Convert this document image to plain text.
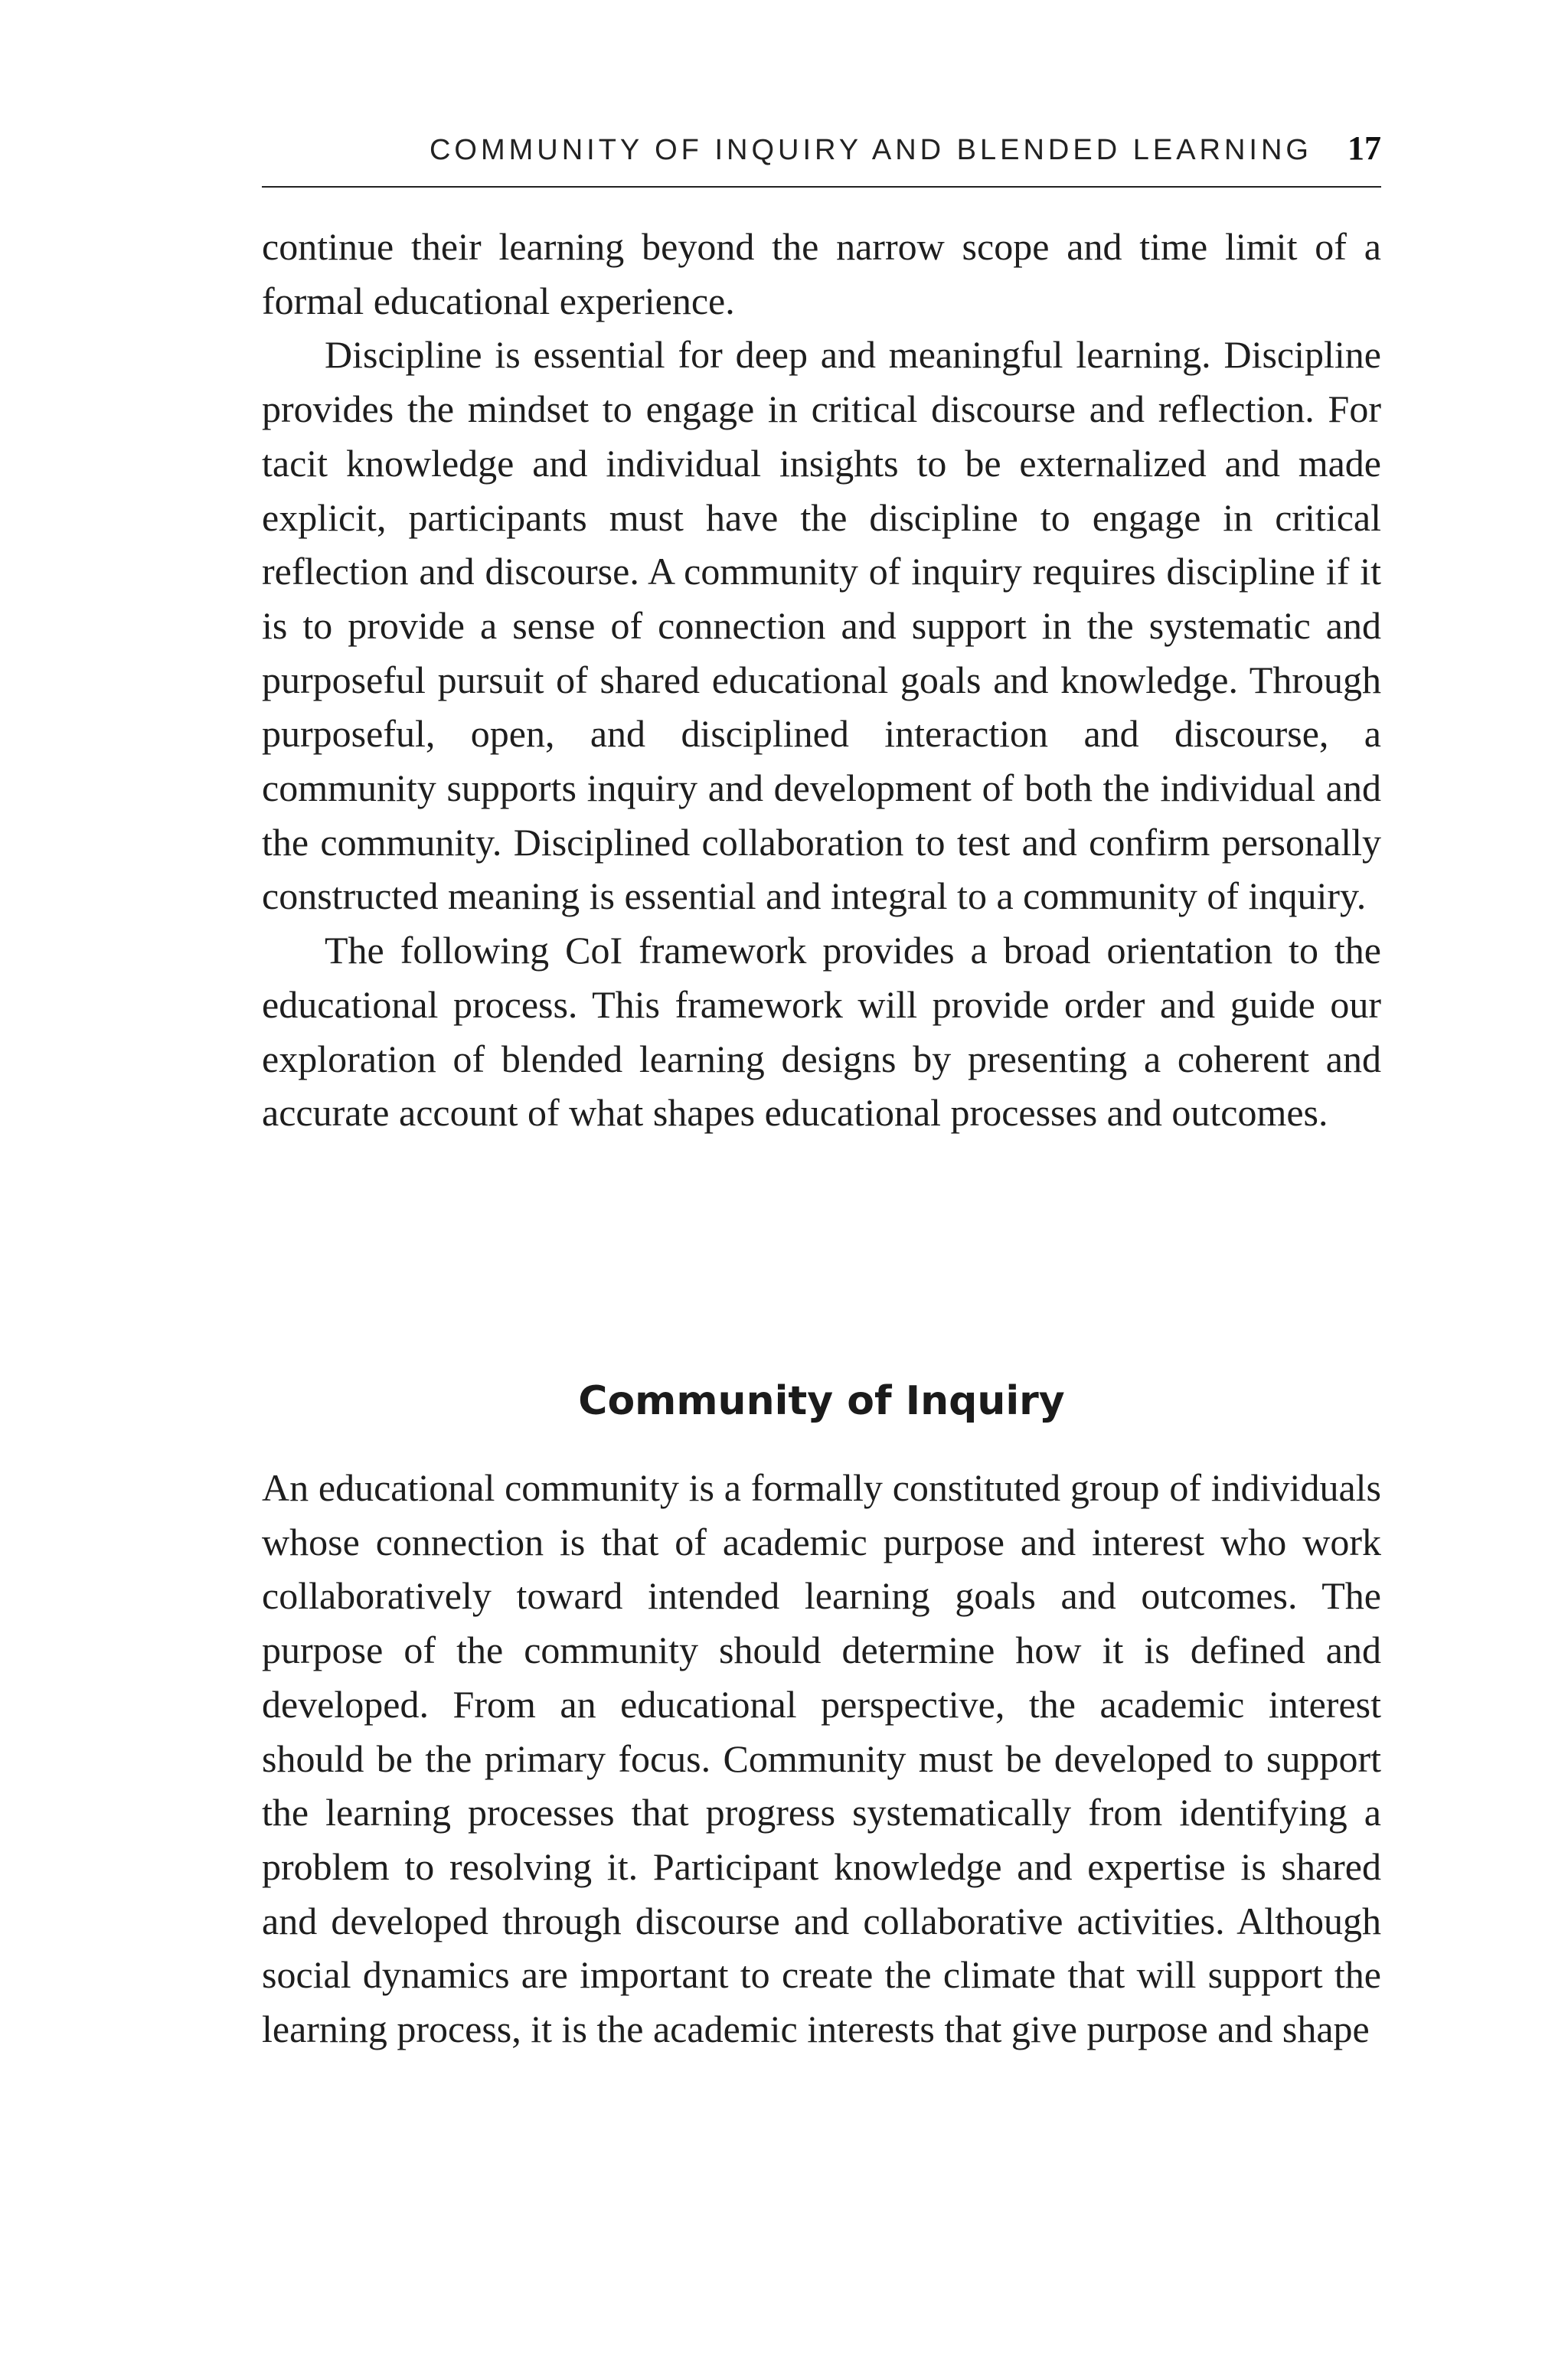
COMMUNITY OF INQUIRY AND BLENDED LEARNING 17

continue their learning beyond the narrow scope and time limit of a formal educational experience.

Discipline is essential for deep and meaningful learning. Discipline provides the mindset to engage in critical discourse and reflection. For tacit knowledge and individual insights to be externalized and made explicit, participants must have the discipline to engage in critical reflection and discourse. A community of inquiry requires discipline if it is to provide a sense of connection and support in the systematic and purposeful pursuit of shared educational goals and knowledge. Through purposeful, open, and disciplined interaction and discourse, a community supports inquiry and development of both the individual and the community. Disciplined collaboration to test and confirm personally constructed meaning is essential and integral to a community of inquiry.

The following CoI framework provides a broad orientation to the educational process. This framework will provide order and guide our exploration of blended learning designs by presenting a coherent and accurate account of what shapes educational processes and outcomes.

Community of Inquiry

An educational community is a formally constituted group of individuals whose connection is that of academic purpose and interest who work collaboratively toward intended learning goals and outcomes. The purpose of the community should determine how it is defined and developed. From an educational perspective, the academic interest should be the primary focus. Community must be developed to support the learning processes that progress systematically from identifying a problem to resolving it. Participant knowledge and expertise is shared and developed through discourse and collaborative activities. Although social dynamics are important to create the climate that will support the learning process, it is the academic interests that give purpose and shape
